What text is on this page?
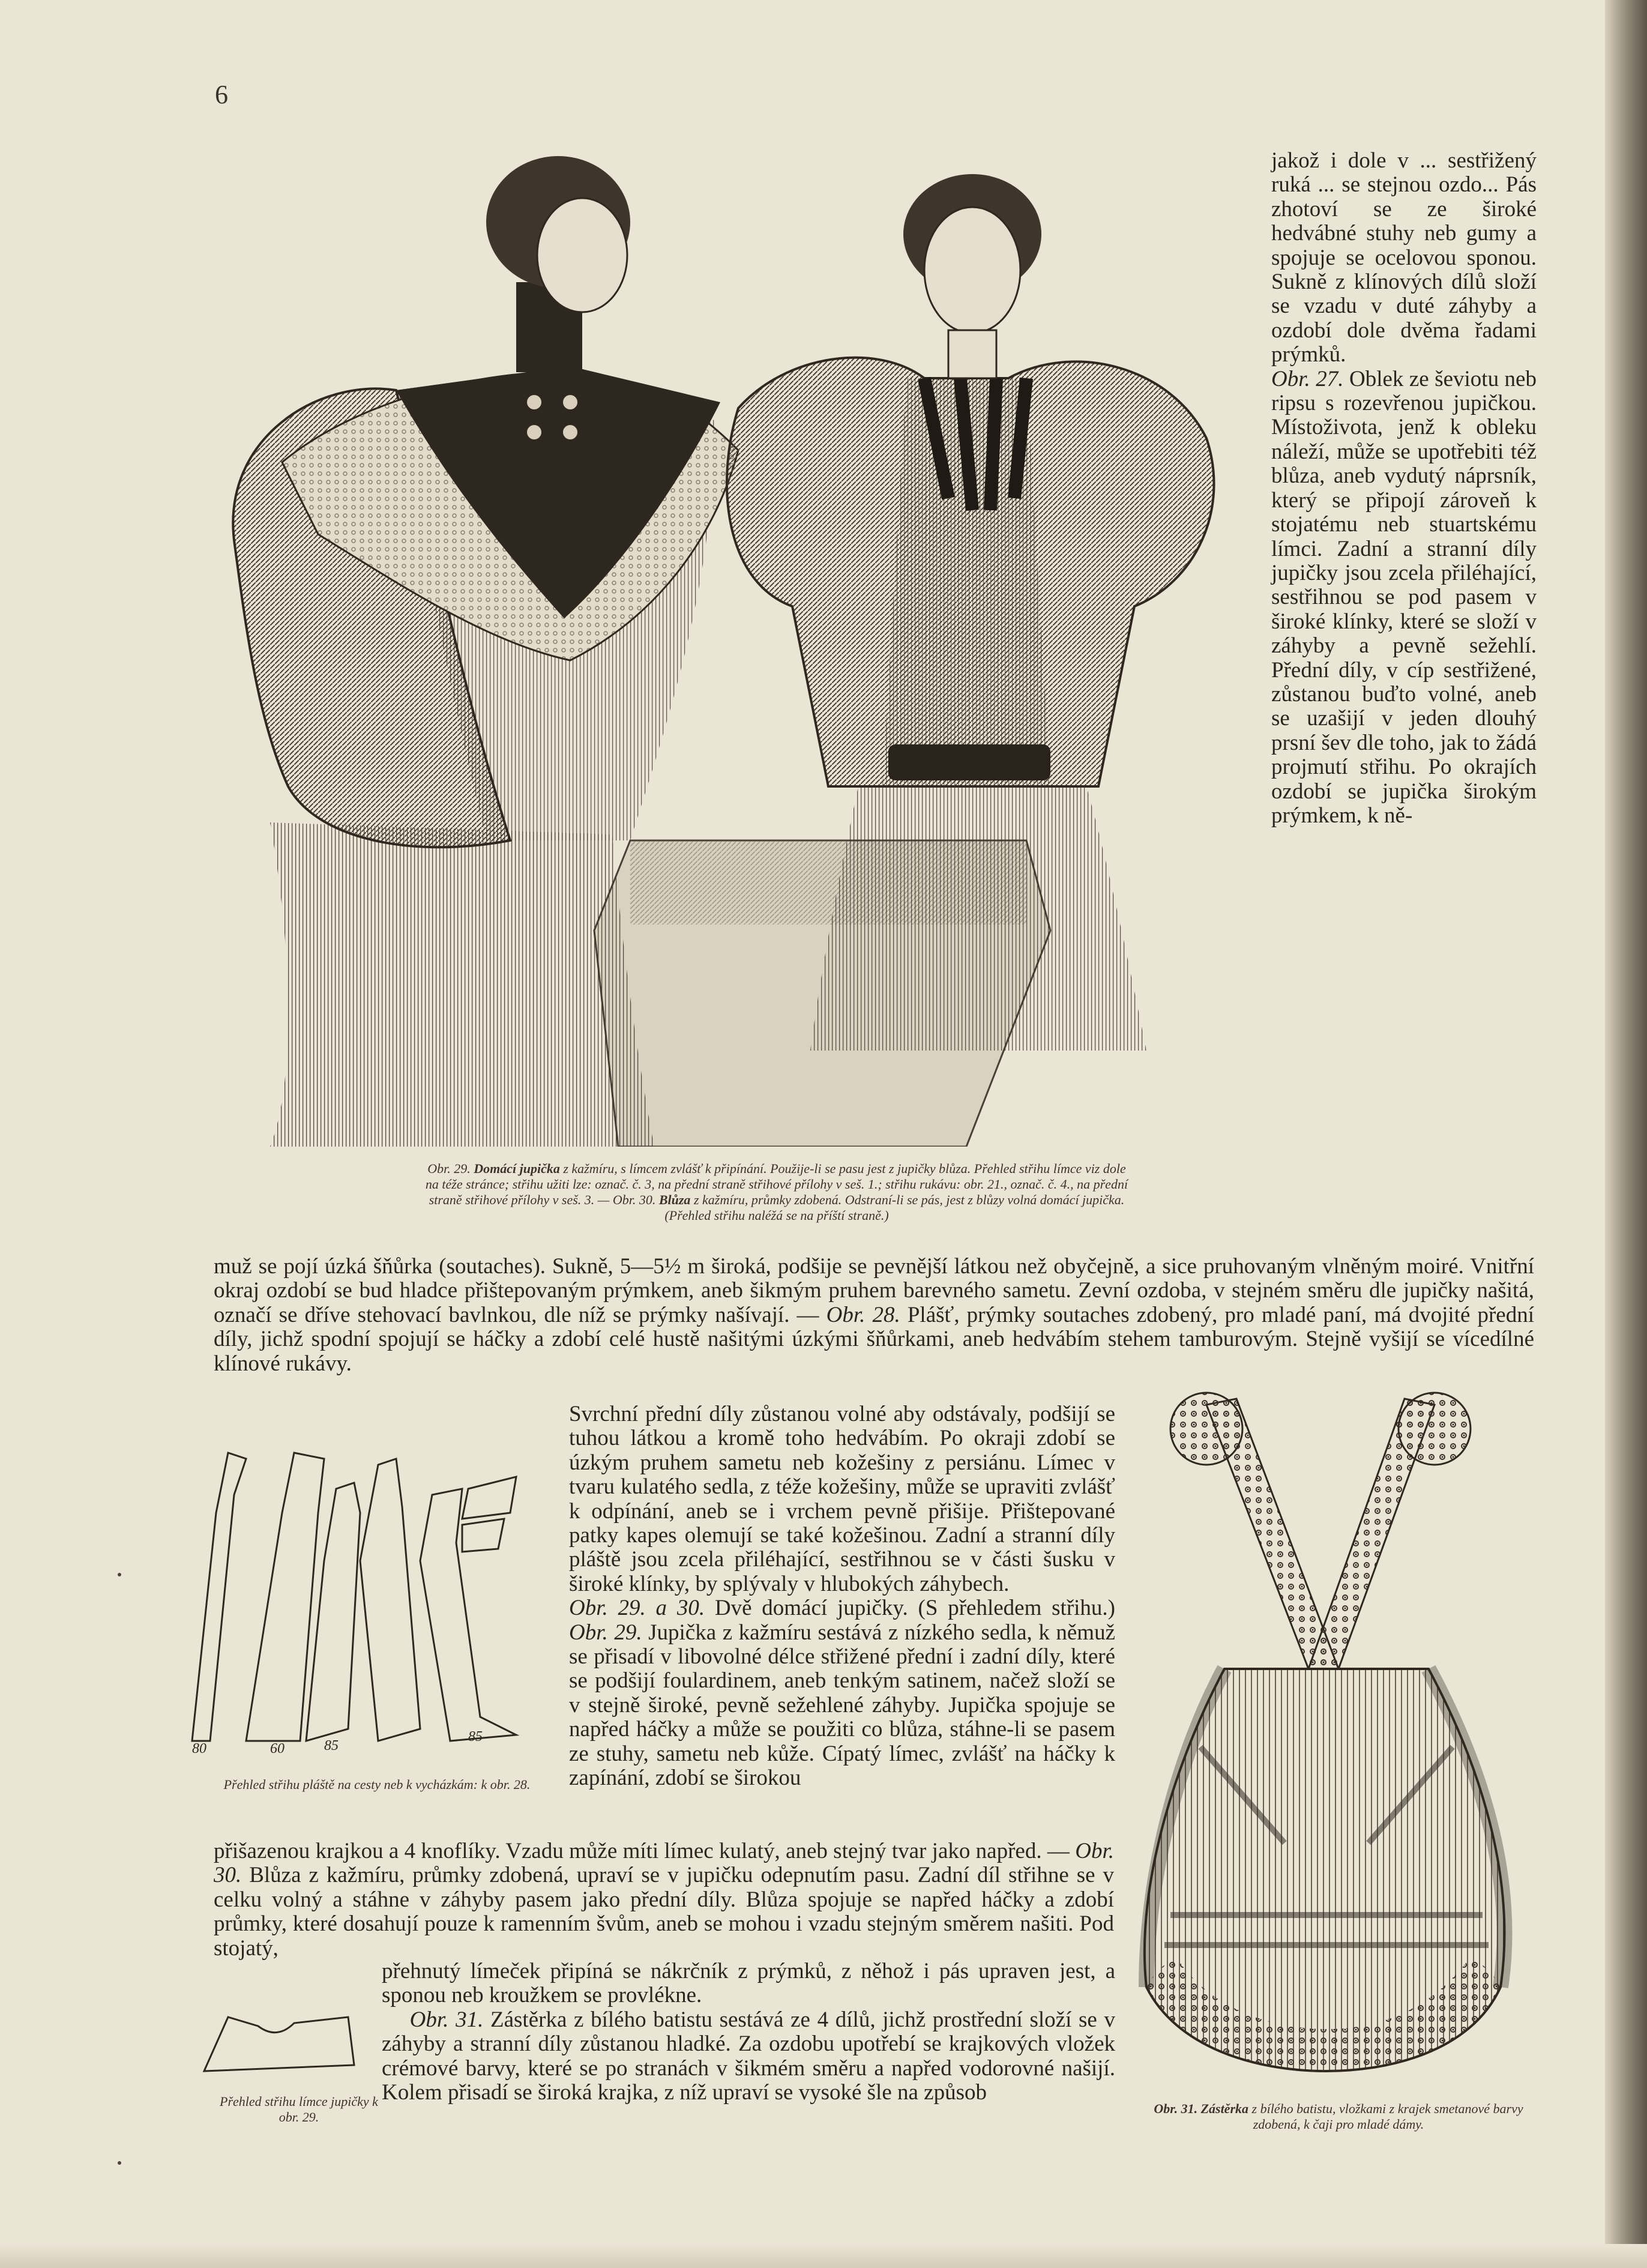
6
Obr. 29. Domácí jupička z kažmíru, s límcem zvlášť k připínání. Použije-li se pasu jest z jupičky blůza. Přehled střihu límce viz dole
na téže stránce; střihu užiti lze: označ. č. 3, na přední straně střihové přílohy v seš. 1.; střihu rukávu: obr. 21., označ. č. 4., na přední
straně střihové přílohy v seš. 3. — Obr. 30. Blůza z kažmíru, průmky zdobená. Odstraní-li se pás, jest z blůzy volná domácí jupička.
(Přehled střihu naléžá se na příští straně.)

jakož i dole v ... sestřižený ruká ... se stejnou ozdo... Pás zhotoví se ze široké hedvábné stuhy neb gumy a spojuje se ocelovou sponou. Sukně z klínových dílů složí se vzadu v duté záhyby a ozdobí dole dvěma řadami prýmků.

Obr. 27. Oblek ze ševiotu neb ripsu s rozevřenou jupičkou. Místoživota, jenž k obleku náleží, může se upotřebiti též blůza, aneb vydutý náprsník, který se připojí zároveň k stojatému neb stuartskému límci. Zadní a stranní díly jupičky jsou zcela přiléhající, sestřihnou se pod pasem v široké klínky, které se složí v záhyby a pevně sežehlí. Přední díly, v cíp sestřižené, zůstanou buďto volné, aneb se uzašijí v jeden dlouhý prsní šev dle toho, jak to žádá projmutí střihu. Po okrajích ozdobí se jupička širokým prýmkem, k ně-

muž se pojí úzká šňůrka (soutaches). Sukně, 5—5½ m široká, podšije se pevnější látkou než obyčejně, a sice pruhovaným vlněným moiré. Vnitřní okraj ozdobí se bud hladce přištepovaným prýmkem, aneb šikmým pruhem barevného sametu. Zevní ozdoba, v stejném směru dle jupičky našitá, označí se dříve stehovací bavlnkou, dle níž se prýmky našívají. — Obr. 28. Plášť, prýmky soutaches zdobený, pro mladé paní, má dvojité přední díly, jichž spodní spojují se háčky a zdobí celé hustě našitými úzkými šňůrkami, aneb hedvábím stehem tamburovým. Stejně vyšijí se vícedílné klínové rukávy.

80	60	85
85
Přehled střihu pláště na cesty neb k vycházkám: k obr. 28.

Svrchní přední díly zůstanou volné aby odstávaly, podšijí se tuhou látkou a kromě toho hedvábím. Po okraji zdobí se úzkým pruhem sametu neb kožešiny z persiánu. Límec v tvaru kulatého sedla, z téže kožešiny, může se upraviti zvlášť k odpínání, aneb se i vrchem pevně přišije. Přištepované patky kapes olemují se také kožešinou. Zadní a stranní díly pláště jsou zcela přiléhající, sestřihnou se v části šusku v široké klínky, by splývaly v hlubokých záhybech.

Obr. 29. a 30. Dvě domácí jupičky. (S přehledem střihu.) Obr. 29. Jupička z kažmíru sestává z nízkého sedla, k němuž se přisadí v libovolné délce střižené přední i zadní díly, které se podšijí foulardinem, aneb tenkým satinem, načež složí se v stejně široké, pevně sežehlené záhyby. Jupička spojuje se napřed háčky a může se použiti co blůza, stáhne-li se pasem ze stuhy, sametu neb kůže. Cípatý límec, zvlášť na háčky k zapínání, zdobí se širokou

přišazenou krajkou a 4 knoflíky. Vzadu může míti límec kulatý, aneb stejný tvar jako napřed. — Obr. 30. Blůza z kažmíru, průmky zdobená, upraví se v jupičku odepnutím pasu. Zadní díl střihne se v celku volný a stáhne v záhyby pasem jako přední díly. Blůza spojuje se napřed háčky a zdobí průmky, které dosahují pouze k ramenním švům, aneb se mohou i vzadu stejným směrem našiti. Pod stojatý,

Přehled střihu límce jupičky k obr. 29.

přehnutý límeček připíná se nákrčník z prýmků, z něhož i pás upraven jest, a sponou neb kroužkem se provlékne.

Obr. 31. Zástěrka z bílého batistu sestává ze 4 dílů, jichž prostřední složí se v záhyby a stranní díly zůstanou hladké. Za ozdobu upotřebí se krajkových vložek crémové barvy, které se po stranách v šikmém směru a napřed vodorovné našijí. Kolem přisadí se široká krajka, z níž upraví se vysoké šle na způsob

Obr. 31. Zástěrka z bílého batistu, vložkami z krajek smetanové barvy zdobená, k čaji pro mladé dámy.
